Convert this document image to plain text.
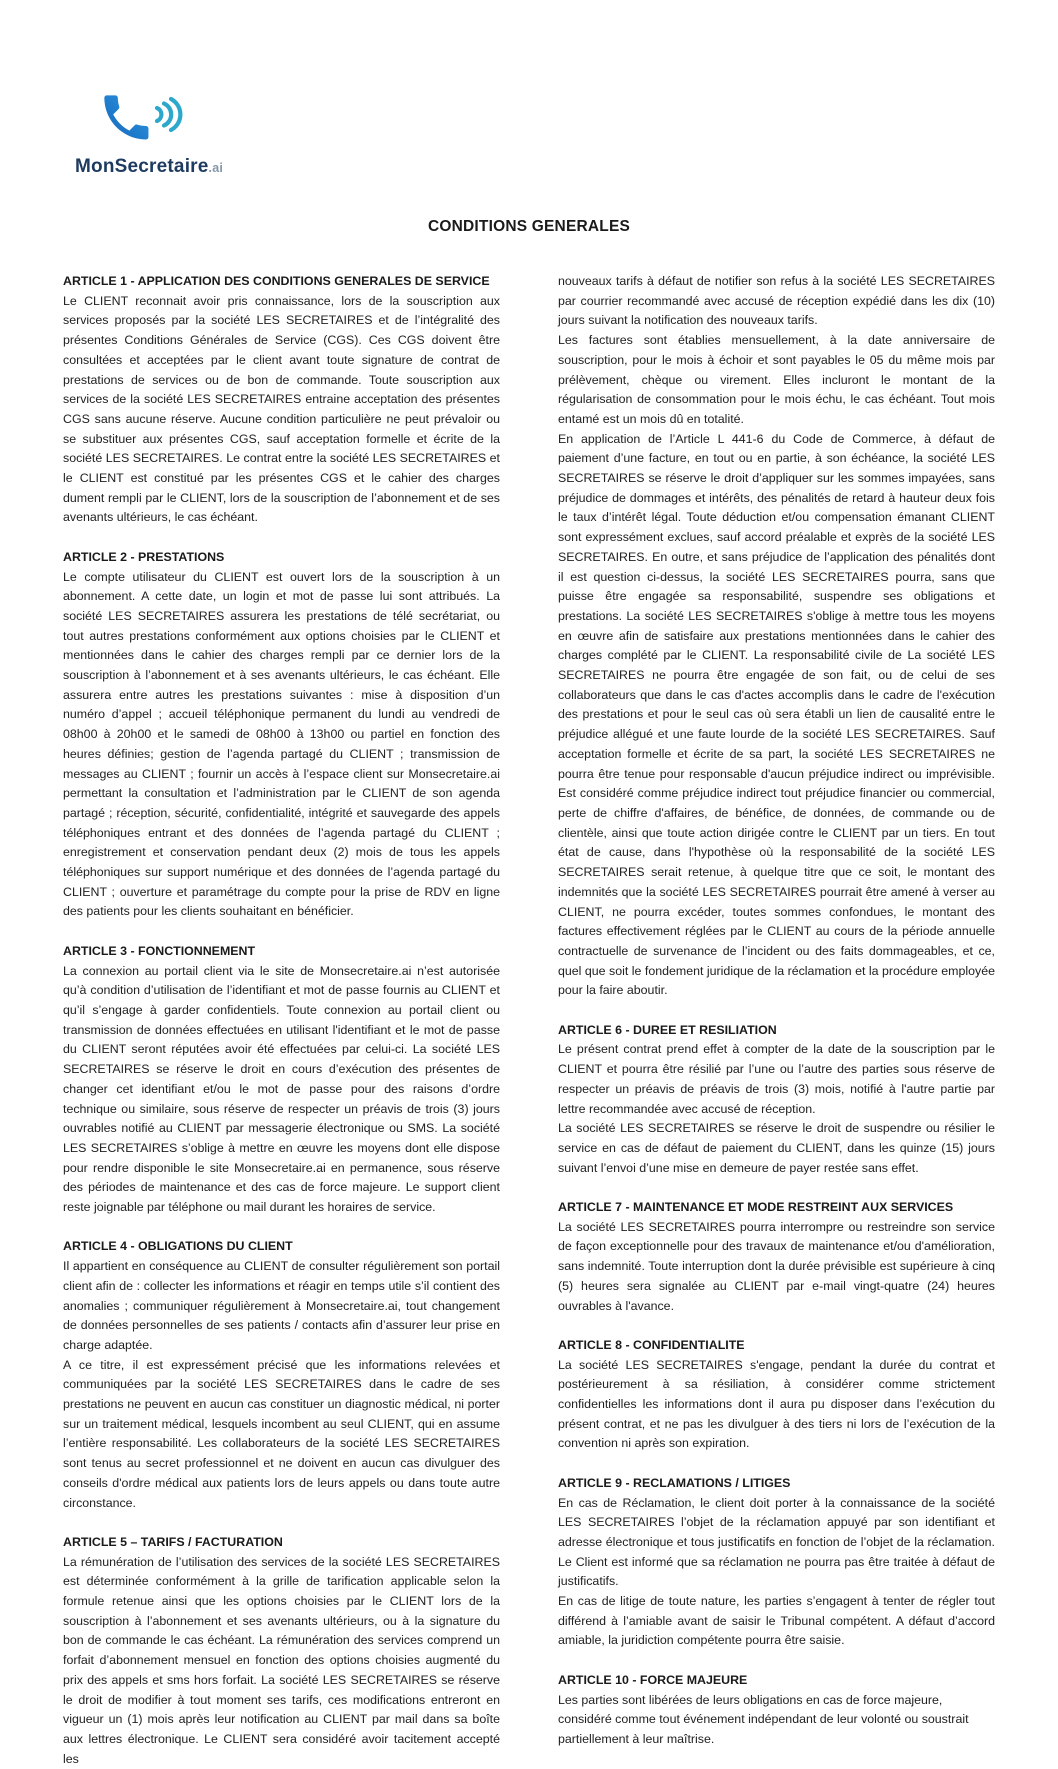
MonSecretaire.ai
CONDITIONS GENERALES
ARTICLE 1 - APPLICATION DES CONDITIONS GENERALES DE SERVICE

Le CLIENT reconnait avoir pris connaissance, lors de la souscription aux services proposés par la société LES SECRETAIRES et de l’intégralité des présentes Conditions Générales de Service (CGS). Ces CGS doivent être consultées et acceptées par le client avant toute signature de contrat de prestations de services ou de bon de commande. Toute souscription aux services de la société LES SECRETAIRES entraine acceptation des présentes CGS sans aucune réserve. Aucune condition particulière ne peut prévaloir ou se substituer aux présentes CGS, sauf acceptation formelle et écrite de la société LES SECRETAIRES. Le contrat entre la société LES SECRETAIRES et le CLIENT est constitué par les présentes CGS et le cahier des charges dument rempli par le CLIENT, lors de la souscription de l’abonnement et de ses avenants ultérieurs, le cas échéant.

ARTICLE 2 - PRESTATIONS

Le compte utilisateur du CLIENT est ouvert lors de la souscription à un abonnement. A cette date, un login et mot de passe lui sont attribués. La société LES SECRETAIRES assurera les prestations de télé secrétariat, ou tout autres prestations conformément aux options choisies par le CLIENT et mentionnées dans le cahier des charges rempli par ce dernier lors de la souscription à l’abonnement et à ses avenants ultérieurs, le cas échéant. Elle assurera entre autres les prestations suivantes : mise à disposition d’un numéro d’appel ; accueil téléphonique permanent du lundi au vendredi de 08h00 à 20h00 et le samedi de 08h00 à 13h00 ou partiel en fonction des heures définies; gestion de l’agenda partagé du CLIENT ; transmission de messages au CLIENT ; fournir un accès à l’espace client sur Monsecretaire.ai permettant la consultation et l’administration par le CLIENT de son agenda partagé ; réception, sécurité, confidentialité, intégrité et sauvegarde des appels téléphoniques entrant et des données de l’agenda partagé du CLIENT ; enregistrement et conservation pendant deux (2) mois de tous les appels téléphoniques sur support numérique et des données de l’agenda partagé du CLIENT ; ouverture et paramétrage du compte pour la prise de RDV en ligne des patients pour les clients souhaitant en bénéficier.

ARTICLE 3 - FONCTIONNEMENT

La connexion au portail client via le site de Monsecretaire.ai n’est autorisée qu’à condition d’utilisation de l’identifiant et mot de passe fournis au CLIENT et qu’il s’engage à garder confidentiels. Toute connexion au portail client ou transmission de données effectuées en utilisant l'identifiant et le mot de passe du CLIENT seront réputées avoir été effectuées par celui-ci. La société LES SECRETAIRES se réserve le droit en cours d’exécution des présentes de changer cet identifiant et/ou le mot de passe pour des raisons d’ordre technique ou similaire, sous réserve de respecter un préavis de trois (3) jours ouvrables notifié au CLIENT par messagerie électronique ou SMS. La société LES SECRETAIRES s’oblige à mettre en œuvre les moyens dont elle dispose pour rendre disponible le site Monsecretaire.ai en permanence, sous réserve des périodes de maintenance et des cas de force majeure. Le support client reste joignable par téléphone ou mail durant les horaires de service.

ARTICLE 4 - OBLIGATIONS DU CLIENT

Il appartient en conséquence au CLIENT de consulter régulièrement son portail client afin de : collecter les informations et réagir en temps utile s’il contient des anomalies ; communiquer régulièrement à Monsecretaire.ai, tout changement de données personnelles de ses patients / contacts afin d’assurer leur prise en charge adaptée.

A ce titre, il est expressément précisé que les informations relevées et communiquées par la société LES SECRETAIRES dans le cadre de ses prestations ne peuvent en aucun cas constituer un diagnostic médical, ni porter sur un traitement médical, lesquels incombent au seul CLIENT, qui en assume l’entière responsabilité. Les collaborateurs de la société LES SECRETAIRES sont tenus au secret professionnel et ne doivent en aucun cas divulguer des conseils d'ordre médical aux patients lors de leurs appels ou dans toute autre circonstance.

ARTICLE 5 – TARIFS / FACTURATION

La rémunération de l’utilisation des services de la société LES SECRETAIRES est déterminée conformément à la grille de tarification applicable selon la formule retenue ainsi que les options choisies par le CLIENT lors de la souscription à l’abonnement et ses avenants ultérieurs, ou à la signature du bon de commande le cas échéant. La rémunération des services comprend un forfait d’abonnement mensuel en fonction des options choisies augmenté du prix des appels et sms hors forfait. La société LES SECRETAIRES se réserve le droit de modifier à tout moment ses tarifs, ces modifications entreront en vigueur un (1) mois après leur notification au CLIENT par mail dans sa boîte aux lettres électronique. Le CLIENT sera considéré avoir tacitement accepté les

nouveaux tarifs à défaut de notifier son refus à la société LES SECRETAIRES par courrier recommandé avec accusé de réception expédié dans les dix (10) jours suivant la notification des nouveaux tarifs.

Les factures sont établies mensuellement, à la date anniversaire de souscription, pour le mois à échoir et sont payables le 05 du même mois par prélèvement, chèque ou virement. Elles incluront le montant de la régularisation de consommation pour le mois échu, le cas échéant. Tout mois entamé est un mois dû en totalité.

En application de l’Article L 441-6 du Code de Commerce, à défaut de paiement d’une facture, en tout ou en partie, à son échéance, la société LES SECRETAIRES se réserve le droit d’appliquer sur les sommes impayées, sans préjudice de dommages et intérêts, des pénalités de retard à hauteur deux fois le taux d’intérêt légal. Toute déduction et/ou compensation émanant CLIENT sont expressément exclues, sauf accord préalable et exprès de la société LES SECRETAIRES. En outre, et sans préjudice de l’application des pénalités dont il est question ci-dessus, la société LES SECRETAIRES pourra, sans que puisse être engagée sa responsabilité, suspendre ses obligations et prestations. La société LES SECRETAIRES s'oblige à mettre tous les moyens en œuvre afin de satisfaire aux prestations mentionnées dans le cahier des charges complété par le CLIENT. La responsabilité civile de La société LES SECRETAIRES ne pourra être engagée de son fait, ou de celui de ses collaborateurs que dans le cas d'actes accomplis dans le cadre de l'exécution des prestations et pour le seul cas où sera établi un lien de causalité entre le préjudice allégué et une faute lourde de la société LES SECRETAIRES. Sauf acceptation formelle et écrite de sa part, la société LES SECRETAIRES ne pourra être tenue pour responsable d'aucun préjudice indirect ou imprévisible. Est considéré comme préjudice indirect tout préjudice financier ou commercial, perte de chiffre d'affaires, de bénéfice, de données, de commande ou de clientèle, ainsi que toute action dirigée contre le CLIENT par un tiers. En tout état de cause, dans l'hypothèse où la responsabilité de la société LES SECRETAIRES serait retenue, à quelque titre que ce soit, le montant des indemnités que la société LES SECRETAIRES pourrait être amené à verser au CLIENT, ne pourra excéder, toutes sommes confondues, le montant des factures effectivement réglées par le CLIENT au cours de la période annuelle contractuelle de survenance de l’incident ou des faits dommageables, et ce, quel que soit le fondement juridique de la réclamation et la procédure employée pour la faire aboutir.

ARTICLE 6 - DUREE ET RESILIATION

Le présent contrat prend effet à compter de la date de la souscription par le CLIENT et pourra être résilié par l’une ou l’autre des parties sous réserve de respecter un préavis de préavis de trois (3) mois, notifié à l'autre partie par lettre recommandée avec accusé de réception.

La société LES SECRETAIRES se réserve le droit de suspendre ou résilier le service en cas de défaut de paiement du CLIENT, dans les quinze (15) jours suivant l’envoi d’une mise en demeure de payer restée sans effet.

ARTICLE 7 - MAINTENANCE ET MODE RESTREINT AUX SERVICES

La société LES SECRETAIRES pourra interrompre ou restreindre son service de façon exceptionnelle pour des travaux de maintenance et/ou d'amélioration, sans indemnité. Toute interruption dont la durée prévisible est supérieure à cinq (5) heures sera signalée au CLIENT par e-mail vingt-quatre (24) heures ouvrables à l'avance.

ARTICLE 8 - CONFIDENTIALITE

La société LES SECRETAIRES s'engage, pendant la durée du contrat et postérieurement à sa résiliation, à considérer comme strictement confidentielles les informations dont il aura pu disposer dans l’exécution du présent contrat, et ne pas les divulguer à des tiers ni lors de l’exécution de la convention ni après son expiration.

ARTICLE 9 - RECLAMATIONS / LITIGES

En cas de Réclamation, le client doit porter à la connaissance de la société LES SECRETAIRES l’objet de la réclamation appuyé par son identifiant et adresse électronique et tous justificatifs en fonction de l’objet de la réclamation. Le Client est informé que sa réclamation ne pourra pas être traitée à défaut de justificatifs.

En cas de litige de toute nature, les parties s’engagent à tenter de régler tout différend à l’amiable avant de saisir le Tribunal compétent. A défaut d’accord amiable, la juridiction compétente pourra être saisie.

ARTICLE 10 - FORCE MAJEURE

Les parties sont libérées de leurs obligations en cas de force majeure, considéré comme tout événement indépendant de leur volonté ou soustrait partiellement à leur maîtrise.
